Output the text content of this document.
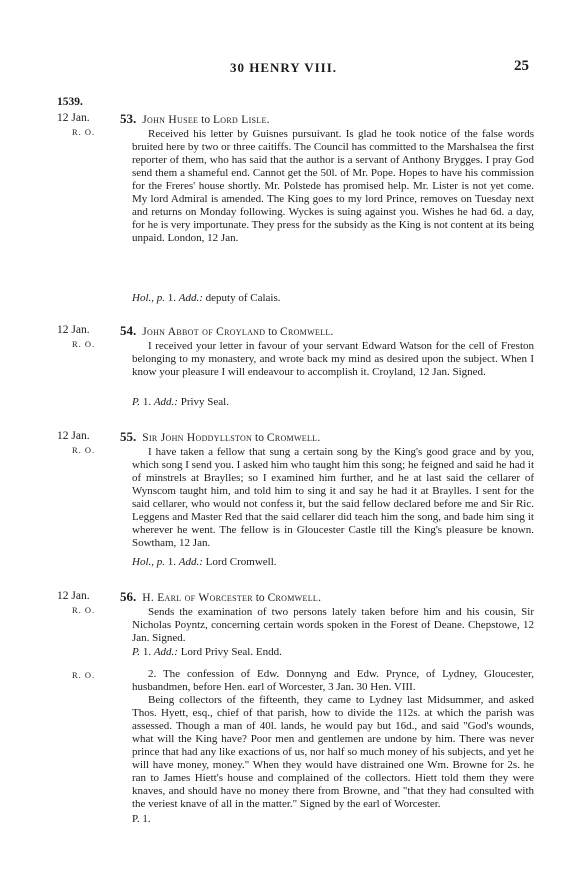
30 HENRY VIII.	25
1539.
12 Jan.
R. O.
53. John Husee to Lord Lisle.

Received his letter by Guisnes pursuivant. Is glad he took notice of the false words bruited here by two or three caitiffs. The Council has committed to the Marshalsea the first reporter of them, who has said that the author is a servant of Anthony Brygges. I pray God send them a shameful end. Cannot get the 50l. of Mr. Pope. Hopes to have his commission for the Freres' house shortly. Mr. Polstede has promised help. Mr. Lister is not yet come. My lord Admiral is amended. The King goes to my lord Prince, removes on Tuesday next and returns on Monday following. Wyckes is suing against you. Wishes he had 6d. a day, for he is very importunate. They press for the subsidy as the King is not content at its being unpaid. London, 12 Jan.

Hol., p. 1. Add.: deputy of Calais.
12 Jan.
R. O.
54. John Abbot of Croyland to Cromwell.

I received your letter in favour of your servant Edward Watson for the cell of Freston belonging to my monastery, and wrote back my mind as desired upon the subject. When I know your pleasure I will endeavour to accomplish it. Croyland, 12 Jan. Signed.

P. 1. Add.: Privy Seal.
12 Jan.
R. O.
55. Sir John Hoddyllston to Cromwell.

I have taken a fellow that sung a certain song by the King's good grace and by you, which song I send you. I asked him who taught him this song; he feigned and said he had it of minstrels at Braylles; so I examined him further, and he at last said the cellarer of Wynscom taught him, and told him to sing it and say he had it at Braylles. I sent for the said cellarer, who would not confess it, but the said fellow declared before me and Sir Ric. Leggens and Master Red that the said cellarer did teach him the song, and bade him sing it wherever he went. The fellow is in Gloucester Castle till the King's pleasure be known. Sowtham, 12 Jan.

Hol., p. 1. Add.: Lord Cromwell.
12 Jan.
R. O.
56. H. Earl of Worcester to Cromwell.

Sends the examination of two persons lately taken before him and his cousin, Sir Nicholas Poyntz, concerning certain words spoken in the Forest of Deane. Chepstowe, 12 Jan. Signed.

P. 1. Add.: Lord Privy Seal. Endd.
R. O.	2. The confession of Edw. Donnyng and Edw. Prynce, of Lydney, Gloucester, husbandmen, before Hen. earl of Worcester, 3 Jan. 30 Hen. VIII.

Being collectors of the fifteenth, they came to Lydney last Midsummer, and asked Thos. Hyett, esq., chief of that parish, how to divide the 112s. at which the parish was assessed. Though a man of 40l. lands, he would pay but 16d., and said "God's wounds, what will the King have? Poor men and gentlemen are undone by him. There was never prince that had any like exactions of us, nor half so much money of his subjects, and yet he will have money, money." When they would have distrained one Wm. Browne for 2s. he ran to James Hiett's house and complained of the collectors. Hiett told them they were knaves, and should have no money there from Browne, and "that they had consulted with the veriest knave of all in the matter." Signed by the earl of Worcester.

P. 1.
